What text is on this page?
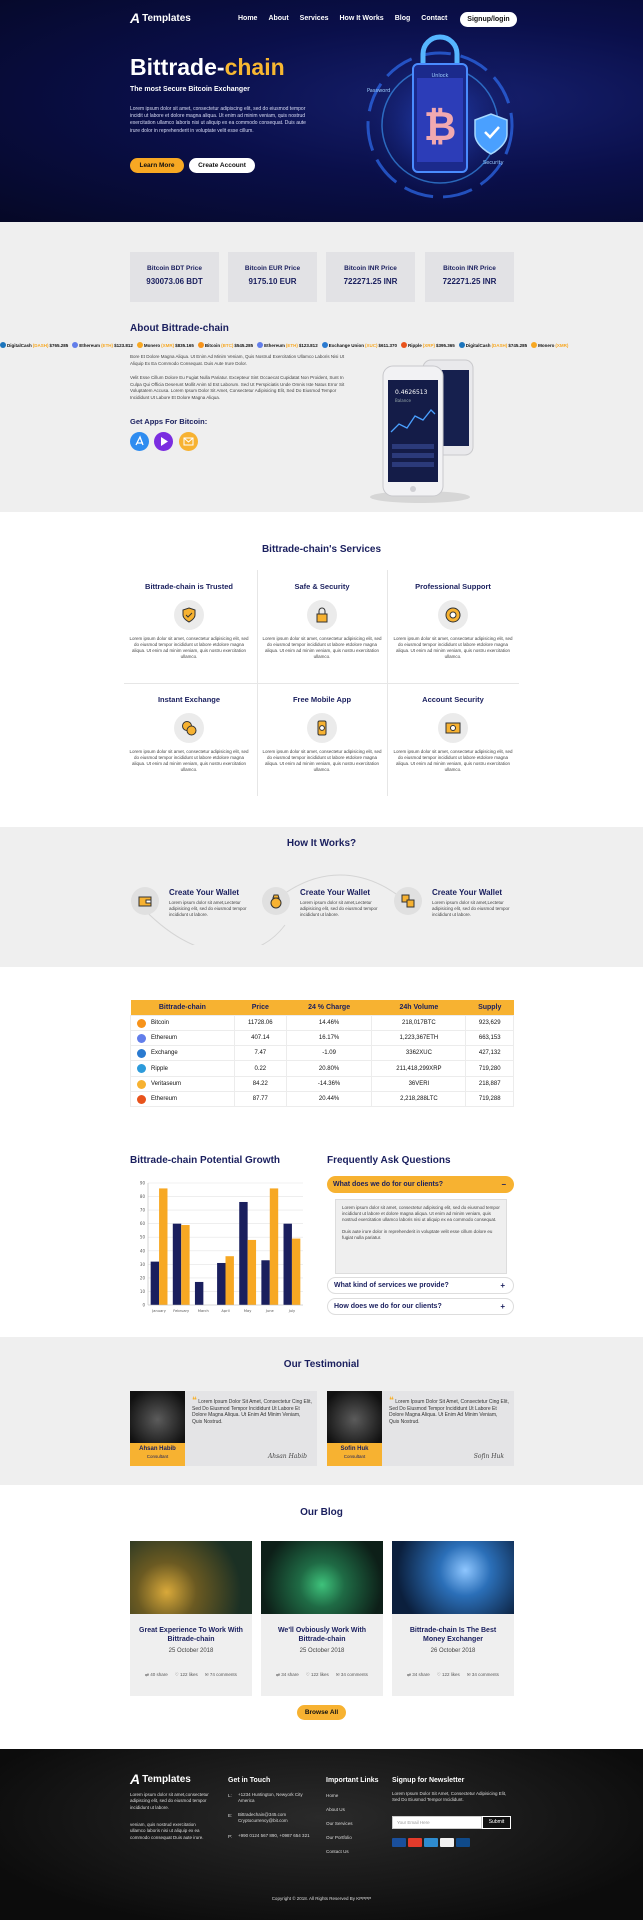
A Templates	Home About Services How It Works Blog Contact	Signup/login
Bittrade-chain
The most Secure Bitcoin Exchanger
Lorem ipsum dolor sit amet, consectetur adipiscing elit, sed do eiusmod tempor incidit ut labore et dolore magna aliqua. Ut enim ad minim veniam, quis nostrud exercitation ullamco laboris nisi ut aliquip ex ea commodo consequat. Duis aute irure dolor in reprehenderit in voluptate velit esse cillum.
Learn More	Create Account
₿
Unlock
Password
Security
Bitcoin BDT Price
930073.06 BDT
Bitcoin EUR Price
9175.10 EUR
Bitcoin INR Price
722271.25 INR
Bitcoin INR Price
722271.25 INR
About Bittrade-chain
DigitalCash (DASH) $765.285 Ethereum (ETH) $123.812 Monero (XMR) $835.165 Bitcoin (BTC) $545.285 Ethereum (ETH) $123.812 Exchange Union (XUC) $611.370 Ripple (XRP) $395.365 DigitalCash (DASH) $745.285 Monero (XMR)
Bore Et Dolore Magna Aliqua. Ut Enim Ad Minim Veniam, Quis Nostrud Exercitation Ullamco Laboris Nisi Ut Aliquip Ex Ea Commodo Consequat. Duis Aute Irure Dolor.
Velit Esse Cillum Dolore Eu Fugiat Nulla Pariatur. Excepteur Sint Occaecat Cupidatat Non Proident, Sunt In Culpa Qui Officia Deserunt Mollit Anim Id Est Laborum. Sed Ut Perspiciatis Unde Omnis Iste Natus Error Sit Voluptatem Accusa. Lorem Ipsum Dolor Sit Amet, Consectetur Adipisicing Elit, Sed Do Eiusmod Tempor Incididunt Ut Labore Et Dolore Magna Aliqua.
Get Apps For Bitcoin:
0.4626513
Balance
Bittrade-chain's Services
Bittrade-chain is Trusted
Lorem ipsum dolor sit amet, consectetur adipisicing elit, sed do eiusmod tempor incididunt ut labore etdolore magna aliqua. Ut enim ad minim veniam, quis nostru exercitation ullamco.
Safe & Security
Lorem ipsum dolor sit amet, consectetur adipisicing elit, sed do eiusmod tempor incididunt ut labore etdolore magna aliqua. Ut enim ad minim veniam, quis nostru exercitation ullamco.
Professional Support
Lorem ipsum dolor sit amet, consectetur adipisicing elit, sed do eiusmod tempor incididunt ut labore etdolore magna aliqua. Ut enim ad minim veniam, quis nostru exercitation ullamco.
Instant Exchange
Lorem ipsum dolor sit amet, consectetur adipisicing elit, sed do eiusmod tempor incididunt ut labore etdolore magna aliqua. Ut enim ad minim veniam, quis nostru exercitation ullamco.
Free Mobile App
Lorem ipsum dolor sit amet, consectetur adipisicing elit, sed do eiusmod tempor incididunt ut labore etdolore magna aliqua. Ut enim ad minim veniam, quis nostru exercitation ullamco.
Account Security
Lorem ipsum dolor sit amet, consectetur adipisicing elit, sed do eiusmod tempor incididunt ut labore etdolore magna aliqua. Ut enim ad minim veniam, quis nostru exercitation ullamco.
How It Works?
Create Your Wallet
Lorem ipsum dolor sit amet,Lectetur adipisicing elit, sed do eiusmod tempor incididunt ut labore.
Create Your Wallet
Lorem ipsum dolor sit amet,Lectetur adipisicing elit, sed do eiusmod tempor incididunt ut labore.
Create Your Wallet
Lorem ipsum dolor sit amet,Lectetur adipisicing elit, sed do eiusmod tempor incididunt ut labore.
Bittrade-chain	Price	24 % Charge	24h Volume	Supply

Bitcoin	11728.06	14.46%	218,017BTC	923,629

Ethereum	407.14	16.17%	1,223,367ETH	663,153

Exchange	7.47	-1.09	3362XUC	427,132

Ripple	0.22	20.80%	211,418,299XRP	719,280

Veritaseum	84.22	-14.36%	36VERI	218,887

Ethereum	87.77	20.44%	2,218,288LTC	719,288
Bittrade-chain Potential Growth
0
10
20
30
40
50
60
70
80
90
January February March	April	May	June	July
Frequently Ask Questions
What does we do for our clients?	−

Lorem ipsum dolor sit amet, consectetur adipiscing elit, sed do eiusmod tempor incididunt ut labore et dolore magna aliqua. Ut enim ad minim veniam, quis nostrud exercitation ullamco laboris nisi ut aliquip ex ea commodo consequat.

Duis aute irure dolor in reprehenderit in voluptate velit esse cillum dolore eu fugiat nulla pariatur.

What kind of services we provide?	+
How does we do for our clients?	+
Our Testimonial
Ahsan Habib
Consultant
❝ Lorem Ipsum Dolor Sit Amet, Consectetur Cing Elit, Sed Do Eiusmod Tempor Incididunt Ut Labore Et Dolore Magna Aliqua. Ut Enim Ad Minim Veniam, Quis Nostrud.
Ahsan Habib
Sofin Huk
Consultant
❝ Lorem Ipsum Dolor Sit Amet, Consectetur Cing Elit, Sed Do Eiusmod Tempor Incididunt Ut Labore Et Dolore Magna Aliqua. Ut Enim Ad Minim Veniam, Quis Nostrud.
Sofin Huk
Our Blog
Great Experience To Work With Bittrade-chain
25 October 2018
⇄ 40 share ♡ 122 likes ✉ 74 comments
We'll Ovbiously Work With Bittrade-chain
25 October 2018
⇄ 34 share ♡ 122 likes ✉ 34 comments
Bittrade-chain Is The Best Money Exchanger
26 October 2018
⇄ 34 share ♡ 122 likes ✉ 34 comments
Browse All
A Templates
Lorem ipsum dolor sit amet,consectetur adipiscing elit, sed do eiusmod tempor incididunt ut labore.
veniam, quis nostrud exercitation ullamco laboris nisi ut aliquip ex ea commodo consequat Duis aute irure.
Get in Touch
L: +1234 Huntington, Newyork City America
E: Bittradechain@345.com Cryptocurrency@bit.com
P: +990 0124 567 890, +0987 654 321
Important Links
Home
About Us
Our Services
Our Portfolio
Contact Us
Signup for Newsletter
Lorem Ipsum Dolor Sit Amet, Consectetur Adipisicing Elit, Sed Do Eiusmod Tempor Incididunt.
Your Email Here	Submit
Copyright © 2018. All Rights Reserved By KPPPP
